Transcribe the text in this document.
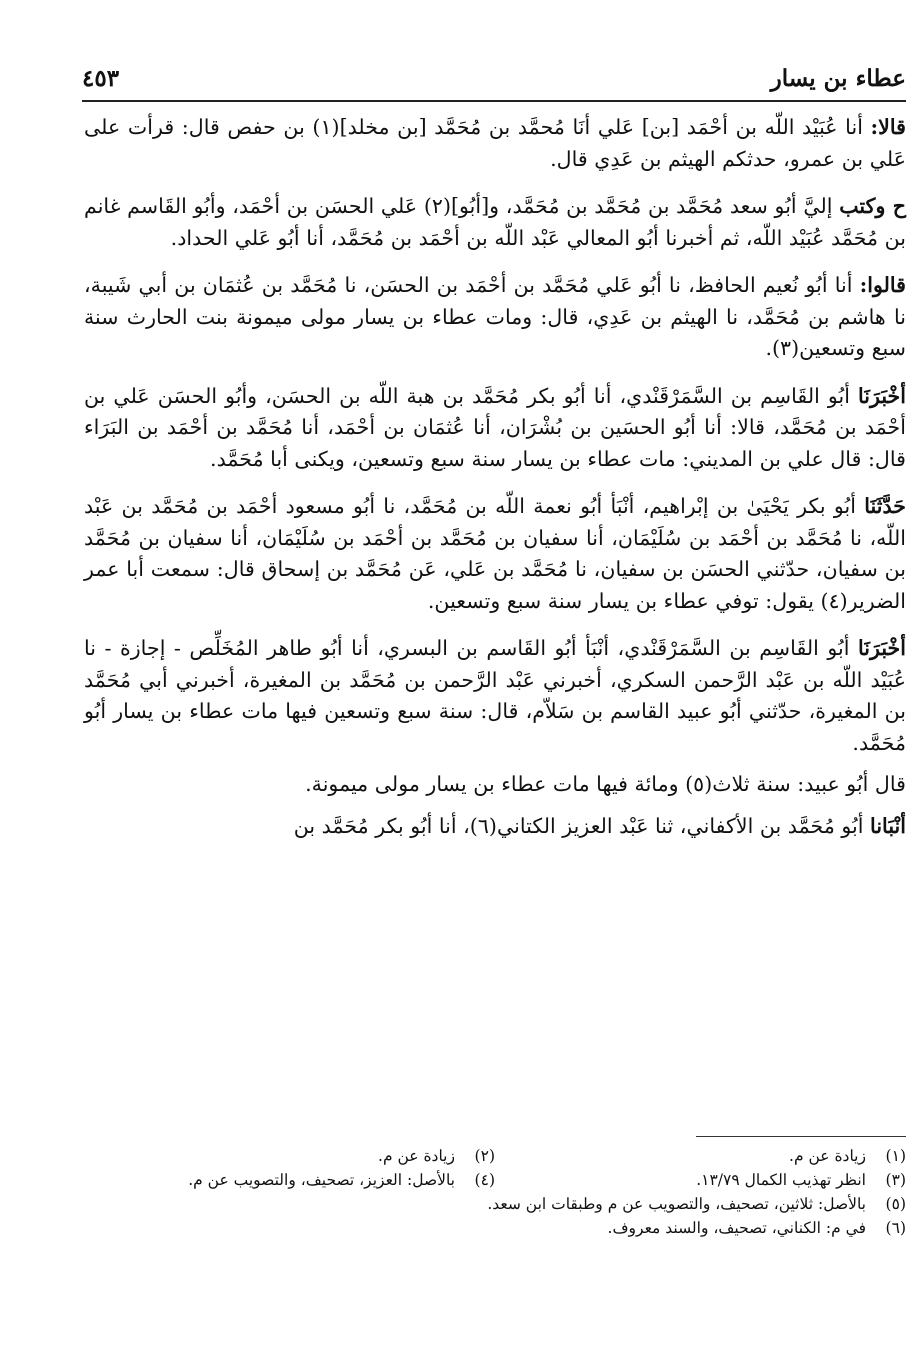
عطاء بن يسار
٤٥٣

قالا: أنا عُبَيْد اللّه بن أحْمَد [بن] عَلي أنَا مُحمَّد بن مُحَمَّد [بن مخلد](١) بن حفص قال: قرأت على عَلي بن عمرو، حدثكم الهيثم بن عَدِي قال.

ح وكتب إليَّ أبُو سعد مُحَمَّد بن مُحَمَّد بن مُحَمَّد، و[أبُو](٢) عَلي الحسَن بن أحْمَد، وأبُو القَاسم غانم بن مُحَمَّد عُبَيْد اللّه، ثم أخبرنا أبُو المعالي عَبْد اللّه بن أحْمَد بن مُحَمَّد، أنا أبُو عَلي الحداد.

قالوا: أنا أبُو نُعيم الحافظ، نا أبُو عَلي مُحَمَّد بن أحْمَد بن الحسَن، نا مُحَمَّد بن عُثمَان بن أبي شَيبة، نا هاشم بن مُحَمَّد، نا الهيثم بن عَدِي، قال: ومات عطاء بن يسار مولى ميمونة بنت الحارث سنة سبع وتسعين(٣).

أخْبَرَنَا أبُو القَاسِم بن السَّمَرْقَنْدي، أنا أبُو بكر مُحَمَّد بن هبة اللّه بن الحسَن، وأبُو الحسَن عَلي بن أحْمَد بن مُحَمَّد، قالا: أنا أبُو الحسَين بن بُشْرَان، أنا عُثمَان بن أحْمَد، أنا مُحَمَّد بن أحْمَد بن البَرَاء قال: قال علي بن المديني: مات عطاء بن يسار سنة سبع وتسعين، ويكنى أبا مُحَمَّد.

حَدَّثَنَا أبُو بكر يَحْيَىٰ بن إبْراهيم، أنْبَأ أبُو نعمة اللّه بن مُحَمَّد، نا أبُو مسعود أحْمَد بن مُحَمَّد بن عَبْد اللّه، نا مُحَمَّد بن أحْمَد بن سُلَيْمَان، أنا سفيان بن مُحَمَّد بن أحْمَد بن سُلَيْمَان، أنا سفيان بن مُحَمَّد بن سفيان، حدّثني الحسَن بن سفيان، نا مُحَمَّد بن عَلي، عَن مُحَمَّد بن إسحاق قال: سمعت أبا عمر الضرير(٤) يقول: توفي عطاء بن يسار سنة سبع وتسعين.

أخْبَرَنَا أبُو القَاسِم بن السَّمَرْقَنْدي، أنْبَأ أبُو القَاسم بن البسري، أنا أبُو طاهر المُخَلِّص - إجازة - نا عُبَيْد اللّه بن عَبْد الرَّحمن السكري، أخبرني عَبْد الرَّحمن بن مُحَمَّد بن المغيرة، أخبرني أبي مُحَمَّد بن المغيرة، حدّثني أبُو عبيد القاسم بن سَلاّم، قال: سنة سبع وتسعين فيها مات عطاء بن يسار أبُو مُحَمَّد.

قال أبُو عبيد: سنة ثلاث(٥) ومائة فيها مات عطاء بن يسار مولى ميمونة.

أنْبَانا أبُو مُحَمَّد بن الأكفاني، ثنا عَبْد العزيز الكتاني(٦)، أنا أبُو بكر مُحَمَّد بن

(١)
زيادة عن م.
(٢)
زيادة عن م.
(٣)
انظر تهذيب الكمال ١٣/٧٩.
(٤)
بالأصل: العزيز، تصحيف، والتصويب عن م.
(٥)
بالأصل: ثلاثين، تصحيف، والتصويب عن م وطبقات ابن سعد.
(٦)
في م: الكناني، تصحيف، والسند معروف.
